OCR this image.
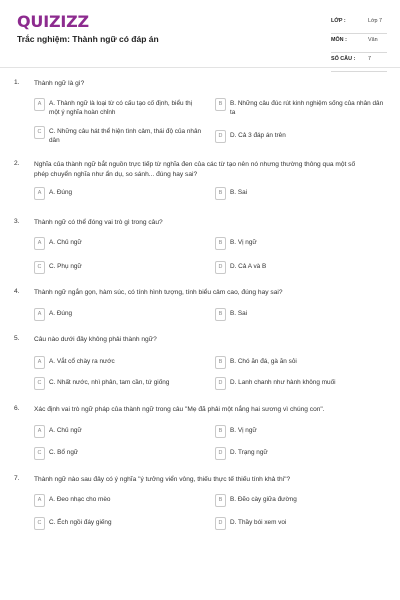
QUIZIZZ
Trắc nghiệm: Thành ngữ có đáp án
LỚP :	Lớp 7
MÔN :	Văn
SỐ CÂU : 7
1. Thành ngữ là gì?
A	A. Thành ngữ là loại từ có cấu tạo cố định, biểu thị một ý nghĩa hoàn chỉnh
B	B. Những câu đúc rút kinh nghiệm sống của nhân dân ta
C	C. Những câu hát thể hiện tình cảm, thái độ của nhân dân
D	D. Cả 3 đáp án trên
2. Nghĩa của thành ngữ bắt nguồn trực tiếp từ nghĩa đen của các từ tạo nên nó nhưng thường thông qua một số phép chuyển nghĩa như ẩn dụ, so sánh... đúng hay sai?
A	A. Đúng	B	B. Sai
3. Thành ngữ có thể đóng vai trò gì trong câu?
A	A. Chủ ngữ	B	B. Vị ngữ
C	C. Phụ ngữ	D	D. Cả A và B
4. Thành ngữ ngắn gọn, hàm súc, có tính hình tượng, tính biểu cảm cao, đúng hay sai?
A	A. Đúng	B	B. Sai
5. Câu nào dưới đây không phải thành ngữ?
A	A. Vắt cổ chày ra nước	B	B. Chó ăn đá, gà ăn sỏi
C	C. Nhất nước, nhì phân, tam cần, tứ giống	D	D. Lanh chanh như hành không muối
6. Xác định vai trò ngữ pháp của thành ngữ trong câu "Mẹ đã phải một nắng hai sương vì chúng con".
A	A. Chủ ngữ	B	B. Vị ngữ
C	C. Bổ ngữ	D	D. Trạng ngữ
7. Thành ngữ nào sau đây có ý nghĩa "ý tưởng viển vông, thiếu thực tế thiếu tính khả thi"?
A	A. Đeo nhạc cho mèo	B	B. Đẽo cày giữa đường
C	C. Ếch ngồi đáy giếng	D	D. Thầy bói xem voi
